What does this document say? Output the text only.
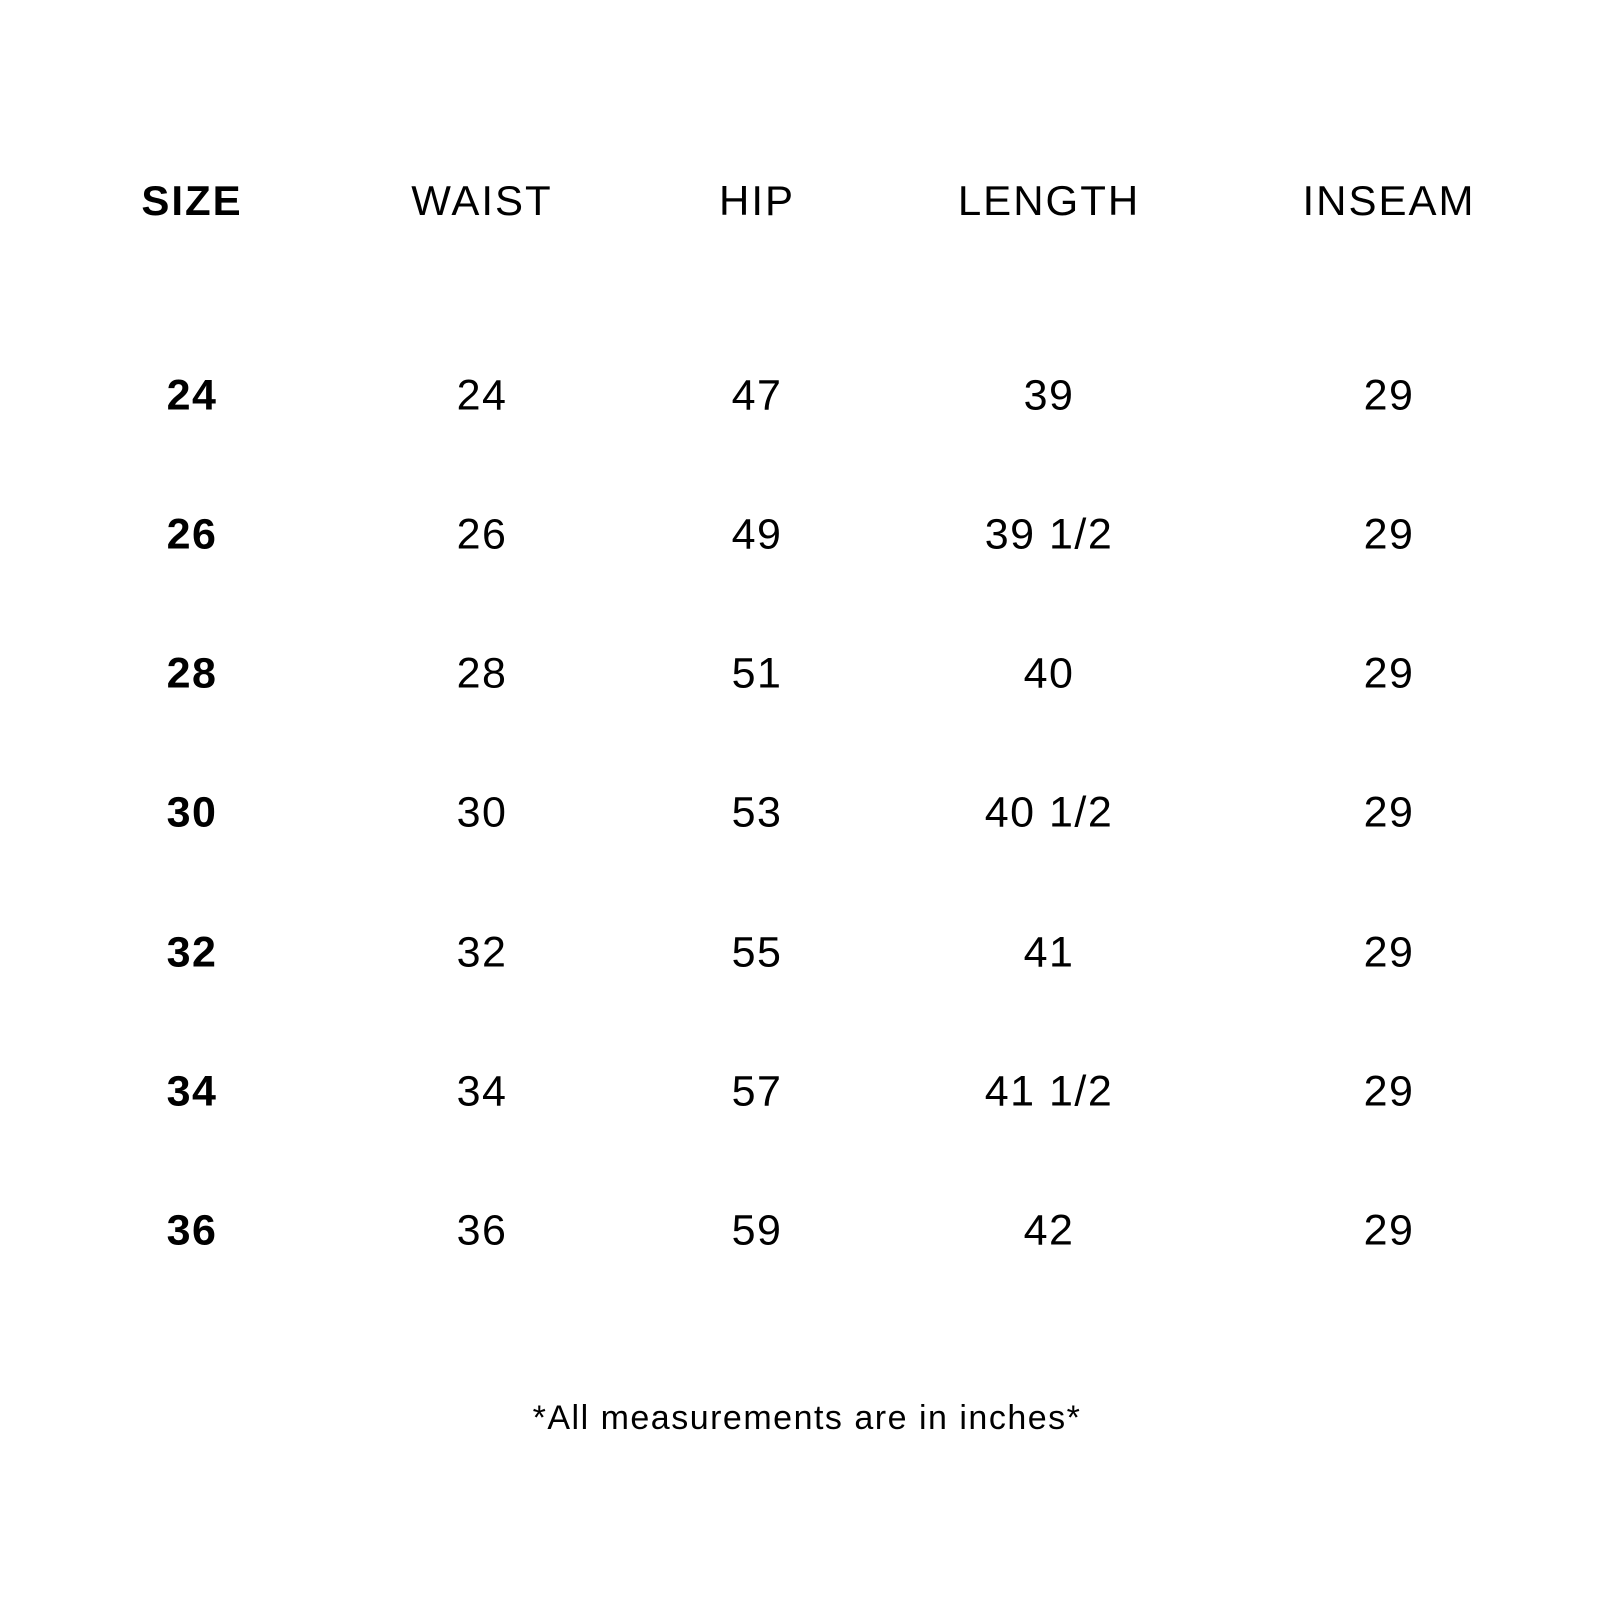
SIZE	WAIST	HIP	LENGTH	INSEAM
24	24	47	39	29
26	26	49	39 1/2	29
28	28	51	40	29
30	30	53	40 1/2	29
32	32	55	41	29
34	34	57	41 1/2	29
36	36	59	42	29
*All measurements are in inches*
